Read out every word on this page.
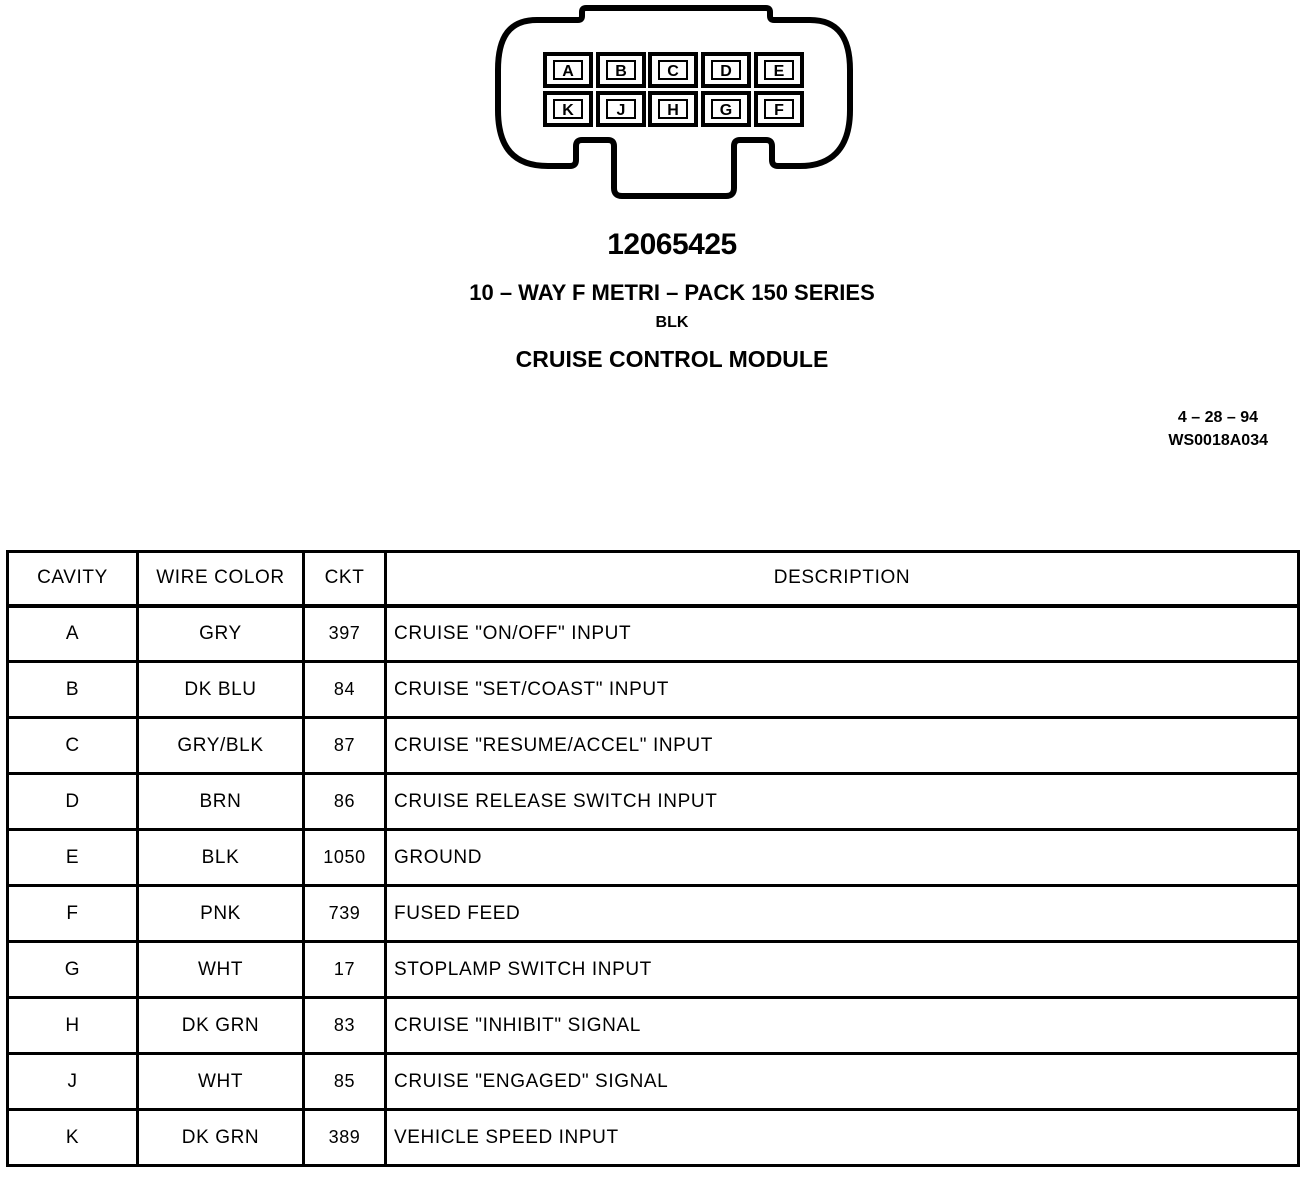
A	B	C	D	E
K	J	H	G	F
12065425
10 – WAY F METRI – PACK 150 SERIES
BLK
CRUISE CONTROL MODULE
4 – 28 – 94
WS0018A034
CAVITY	WIRE COLOR	CKT	DESCRIPTION
A	GRY	397	CRUISE "ON/OFF" INPUT
B	DK BLU	84	CRUISE "SET/COAST" INPUT
C	GRY/BLK	87	CRUISE "RESUME/ACCEL" INPUT
D	BRN	86	CRUISE RELEASE SWITCH INPUT
E	BLK	1050	GROUND
F	PNK	739	FUSED FEED
G	WHT	17	STOPLAMP SWITCH INPUT
H	DK GRN	83	CRUISE "INHIBIT" SIGNAL
J	WHT	85	CRUISE "ENGAGED" SIGNAL
K	DK GRN	389	VEHICLE SPEED INPUT
